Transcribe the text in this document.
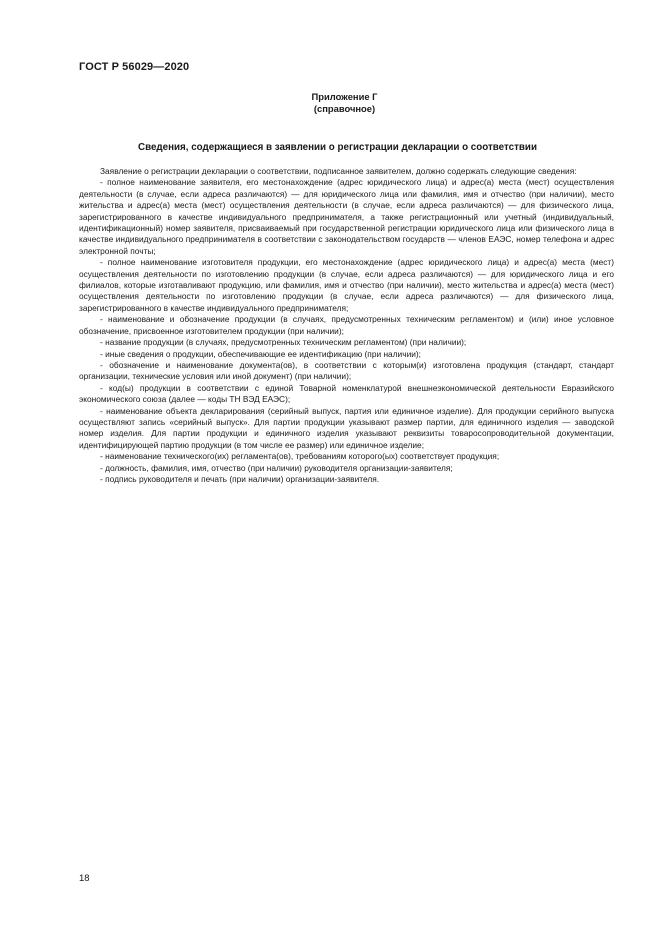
ГОСТ Р 56029—2020
Приложение Г
(справочное)
Сведения, содержащиеся в заявлении о регистрации декларации о соответствии

Заявление о регистрации декларации о соответствии, подписанное заявителем, должно содержать следующие сведения:

- полное наименование заявителя, его местонахождение (адрес юридического лица) и адрес(а) места (мест) осуществления деятельности (в случае, если адреса различаются) — для юридического лица или фамилия, имя и отчество (при наличии), место жительства и адрес(а) места (мест) осуществления деятельности (в случае, если адреса различаются) — для физического лица, зарегистрированного в качестве индивидуального предпринимателя, а также регистрационный или учетный (индивидуальный, идентификационный) номер заявителя, присваиваемый при государственной регистрации юридического лица или физического лица в качестве индивидуального предпринимателя в соответствии с законодательством государств — членов ЕАЭС, номер телефона и адрес электронной почты;

- полное наименование изготовителя продукции, его местонахождение (адрес юридического лица) и адрес(а) места (мест) осуществления деятельности по изготовлению продукции (в случае, если адреса различаются) — для юридического лица и его филиалов, которые изготавливают продукцию, или фамилия, имя и отчество (при наличии), место жительства и адрес(а) места (мест) осуществления деятельности по изготовлению продукции (в случае, если адреса различаются) — для физического лица, зарегистрированного в качестве индивидуального предпринимателя;

- наименование и обозначение продукции (в случаях, предусмотренных техническим регламентом) и (или) иное условное обозначение, присвоенное изготовителем продукции (при наличии);

- название продукции (в случаях, предусмотренных техническим регламентом) (при наличии);

- иные сведения о продукции, обеспечивающие ее идентификацию (при наличии);

- обозначение и наименование документа(ов), в соответствии с которым(и) изготовлена продукция (стандарт, стандарт организации, технические условия или иной документ) (при наличии);

- код(ы) продукции в соответствии с единой Товарной номенклатурой внешнеэкономической деятельности Евразийского экономического союза (далее — коды ТН ВЭД ЕАЭС);

- наименование объекта декларирования (серийный выпуск, партия или единичное изделие). Для продукции серийного выпуска осуществляют запись «серийный выпуск». Для партии продукции указывают размер партии, для единичного изделия — заводской номер изделия. Для партии продукции и единичного изделия указывают реквизиты товаросопроводительной документации, идентифицирующей партию продукции (в том числе ее размер) или единичное изделие;

- наименование технического(их) регламента(ов), требованиям которого(ых) соответствует продукция;

- должность, фамилия, имя, отчество (при наличии) руководителя организации-заявителя;

- подпись руководителя и печать (при наличии) организации-заявителя.

18
